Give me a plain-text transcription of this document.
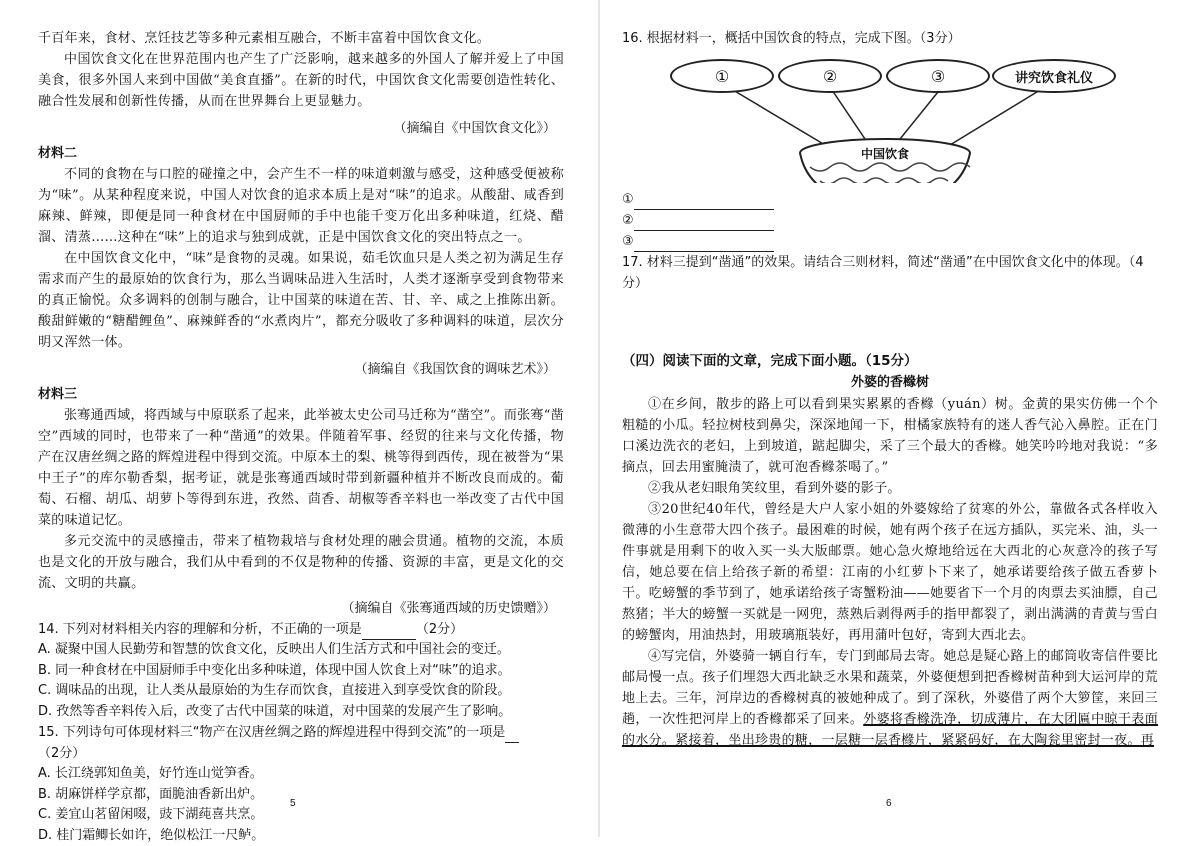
千百年来，食材、烹饪技艺等多种元素相互融合，不断丰富着中国饮食文化。

中国饮食文化在世界范围内也产生了广泛影响，越来越多的外国人了解并爱上了中国美食，很多外国人来到中国做“美食直播”。在新的时代，中国饮食文化需要创造性转化、融合性发展和创新性传播，从而在世界舞台上更显魅力。

（摘编自《中国饮食文化》）

材料二

不同的食物在与口腔的碰撞之中，会产生不一样的味道刺激与感受，这种感受便被称为“味”。从某种程度来说，中国人对饮食的追求本质上是对“味”的追求。从酸甜、咸香到麻辣、鲜辣，即便是同一种食材在中国厨师的手中也能千变万化出多种味道，红烧、醋溜、清蒸……这种在“味”上的追求与独到成就，正是中国饮食文化的突出特点之一。

在中国饮食文化中，“味”是食物的灵魂。如果说，茹毛饮血只是人类之初为满足生存需求而产生的最原始的饮食行为，那么当调味品进入生活时，人类才逐渐享受到食物带来的真正愉悦。众多调料的创制与融合，让中国菜的味道在苦、甘、辛、咸之上推陈出新。酸甜鲜嫩的“糖醋鲤鱼”、麻辣鲜香的“水煮肉片”，都充分吸收了多种调料的味道，层次分明又浑然一体。

（摘编自《我国饮食的调味艺术》）

材料三

张骞通西域，将西域与中原联系了起来，此举被太史公司马迁称为“凿空”。而张骞“凿空”西域的同时，也带来了一种“凿通”的效果。伴随着军事、经贸的往来与文化传播，物产在汉唐丝绸之路的辉煌进程中得到交流。中原本土的梨、桃等得到西传，现在被誉为“果中王子”的库尔勒香梨，据考证，就是张骞通西域时带到新疆种植并不断改良而成的。葡萄、石榴、胡瓜、胡萝卜等得到东进，孜然、茴香、胡椒等香辛料也一举改变了古代中国菜的味道记忆。

多元交流中的灵感撞击，带来了植物栽培与食材处理的融会贯通。植物的交流，本质也是文化的开放与融合，我们从中看到的不仅是物种的传播、资源的丰富，更是文化的交流、文明的共赢。

（摘编自《张骞通西域的历史馈赠》）

14. 下列对材料相关内容的理解和分析，不正确的一项是	（2分）

A. 凝聚中国人民勤劳和智慧的饮食文化，反映出人们生活方式和中国社会的变迁。

B. 同一种食材在中国厨师手中变化出多种味道，体现中国人饮食上对“味”的追求。

C. 调味品的出现，让人类从最原始的为生存而饮食，直接进入到享受饮食的阶段。

D. 孜然等香辛料传入后，改变了古代中国菜的味道，对中国菜的发展产生了影响。

15. 下列诗句可体现材料三“物产在汉唐丝绸之路的辉煌进程中得到交流”的一项是（2分）

A. 长江绕郭知鱼美，好竹连山觉笋香。

B. 胡麻饼样学京都，面脆油香新出炉。

C. 姜宜山茗留闲啜，豉下湖莼喜共烹。

D. 桂门霜鲫长如许，绝似松江一尺鲈。

5

16. 根据材料一，概括中国饮食的特点，完成下图。（3分）

①	②	③	讲究饮食礼仪
中国饮食

①

②

③

17. 材料三提到“凿通”的效果。请结合三则材料，简述“凿通”在中国饮食文化中的体现。（4分）

（四）阅读下面的文章，完成下面小题。（15分）

外婆的香橼树

①在乡间，散步的路上可以看到果实累累的香橼（yuán）树。金黄的果实仿佛一个个粗糙的小瓜。轻拉树枝到鼻尖，深深地闻一下，柑橘家族特有的迷人香气沁入鼻腔。正在门口溪边洗衣的老妇，上到坡道，踮起脚尖，采了三个最大的香橼。她笑吟吟地对我说：“多摘点，回去用蜜腌渍了，就可泡香橼茶喝了。”

②我从老妇眼角笑纹里，看到外婆的影子。

③20世纪40年代，曾经是大户人家小姐的外婆嫁给了贫寒的外公，靠做各式各样收入微薄的小生意带大四个孩子。最困难的时候，她有两个孩子在远方插队，买完米、油，头一件事就是用剩下的收入买一头大版邮票。她心急火燎地给远在大西北的心灰意冷的孩子写信，她总要在信上给孩子新的希望：江南的小红萝卜下来了，她承诺要给孩子做五香萝卜干。吃螃蟹的季节到了，她承诺给孩子寄蟹粉油——她要省下一个月的肉票去买油膘，自己熬猪；半大的螃蟹一买就是一网兜，蒸熟后剥得两手的指甲都裂了，剥出满满的青黄与雪白的螃蟹肉，用油热封，用玻璃瓶装好，再用蒲叶包好，寄到大西北去。

④写完信，外婆骑一辆自行车，专门到邮局去寄。她总是疑心路上的邮筒收寄信件要比邮局慢一点。孩子们埋怨大西北缺乏水果和蔬菜，外婆便想到把香橼树苗种到大运河岸的荒地上去。三年，河岸边的香橼树真的被她种成了。到了深秋，外婆借了两个大箩筐，来回三趟，一次性把河岸上的香橼都采了回来。外婆将香橼洗净，切成薄片，在大团匾中晾干表面的水分。紧接着，坐出珍贵的糖，一层糖一层香橼片，紧紧码好，在大陶瓮里密封一夜。再

6
